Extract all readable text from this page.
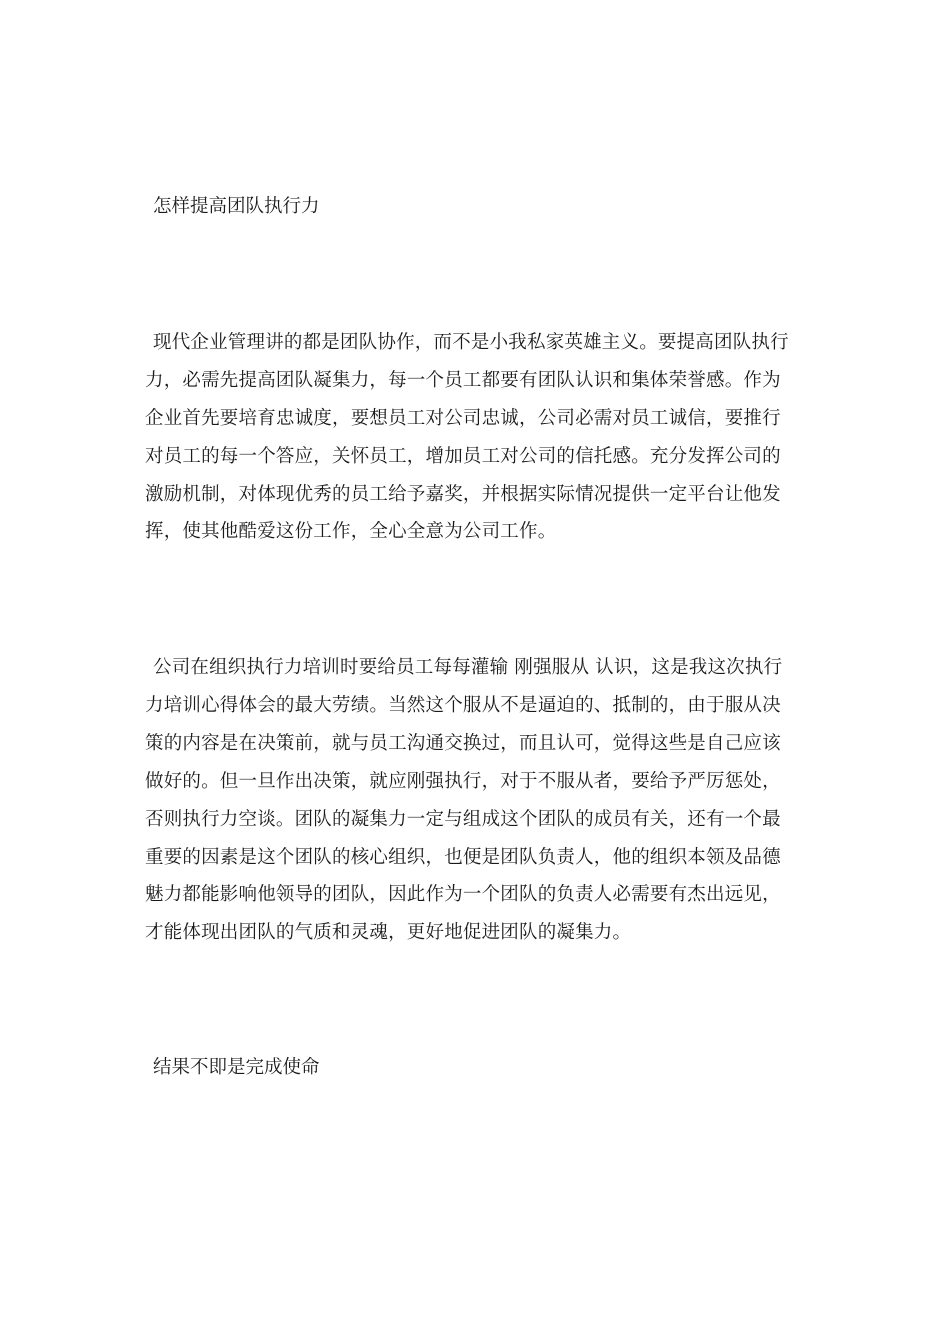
怎样提高团队执行力
现代企业管理讲的都是团队协作，而不是小我私家英雄主义。要提高团队执行
力，必需先提高团队凝集力，每一个员工都要有团队认识和集体荣誉感。作为
企业首先要培育忠诚度，要想员工对公司忠诚，公司必需对员工诚信，要推行
对员工的每一个答应，关怀员工，增加员工对公司的信托感。充分发挥公司的
激励机制，对体现优秀的员工给予嘉奖，并根据实际情况提供一定平台让他发
挥，使其他酷爱这份工作，全心全意为公司工作。
公司在组织执行力培训时要给员工每每灌输 刚强服从 认识，这是我这次执行
力培训心得体会的最大劳绩。当然这个服从不是逼迫的、抵制的，由于服从决
策的内容是在决策前，就与员工沟通交换过，而且认可，觉得这些是自己应该
做好的。但一旦作出决策，就应刚强执行，对于不服从者，要给予严厉惩处，
否则执行力空谈。团队的凝集力一定与组成这个团队的成员有关，还有一个最
重要的因素是这个团队的核心组织，也便是团队负责人，他的组织本领及品德
魅力都能影响他领导的团队，因此作为一个团队的负责人必需要有杰出远见，
才能体现出团队的气质和灵魂，更好地促进团队的凝集力。
结果不即是完成使命
